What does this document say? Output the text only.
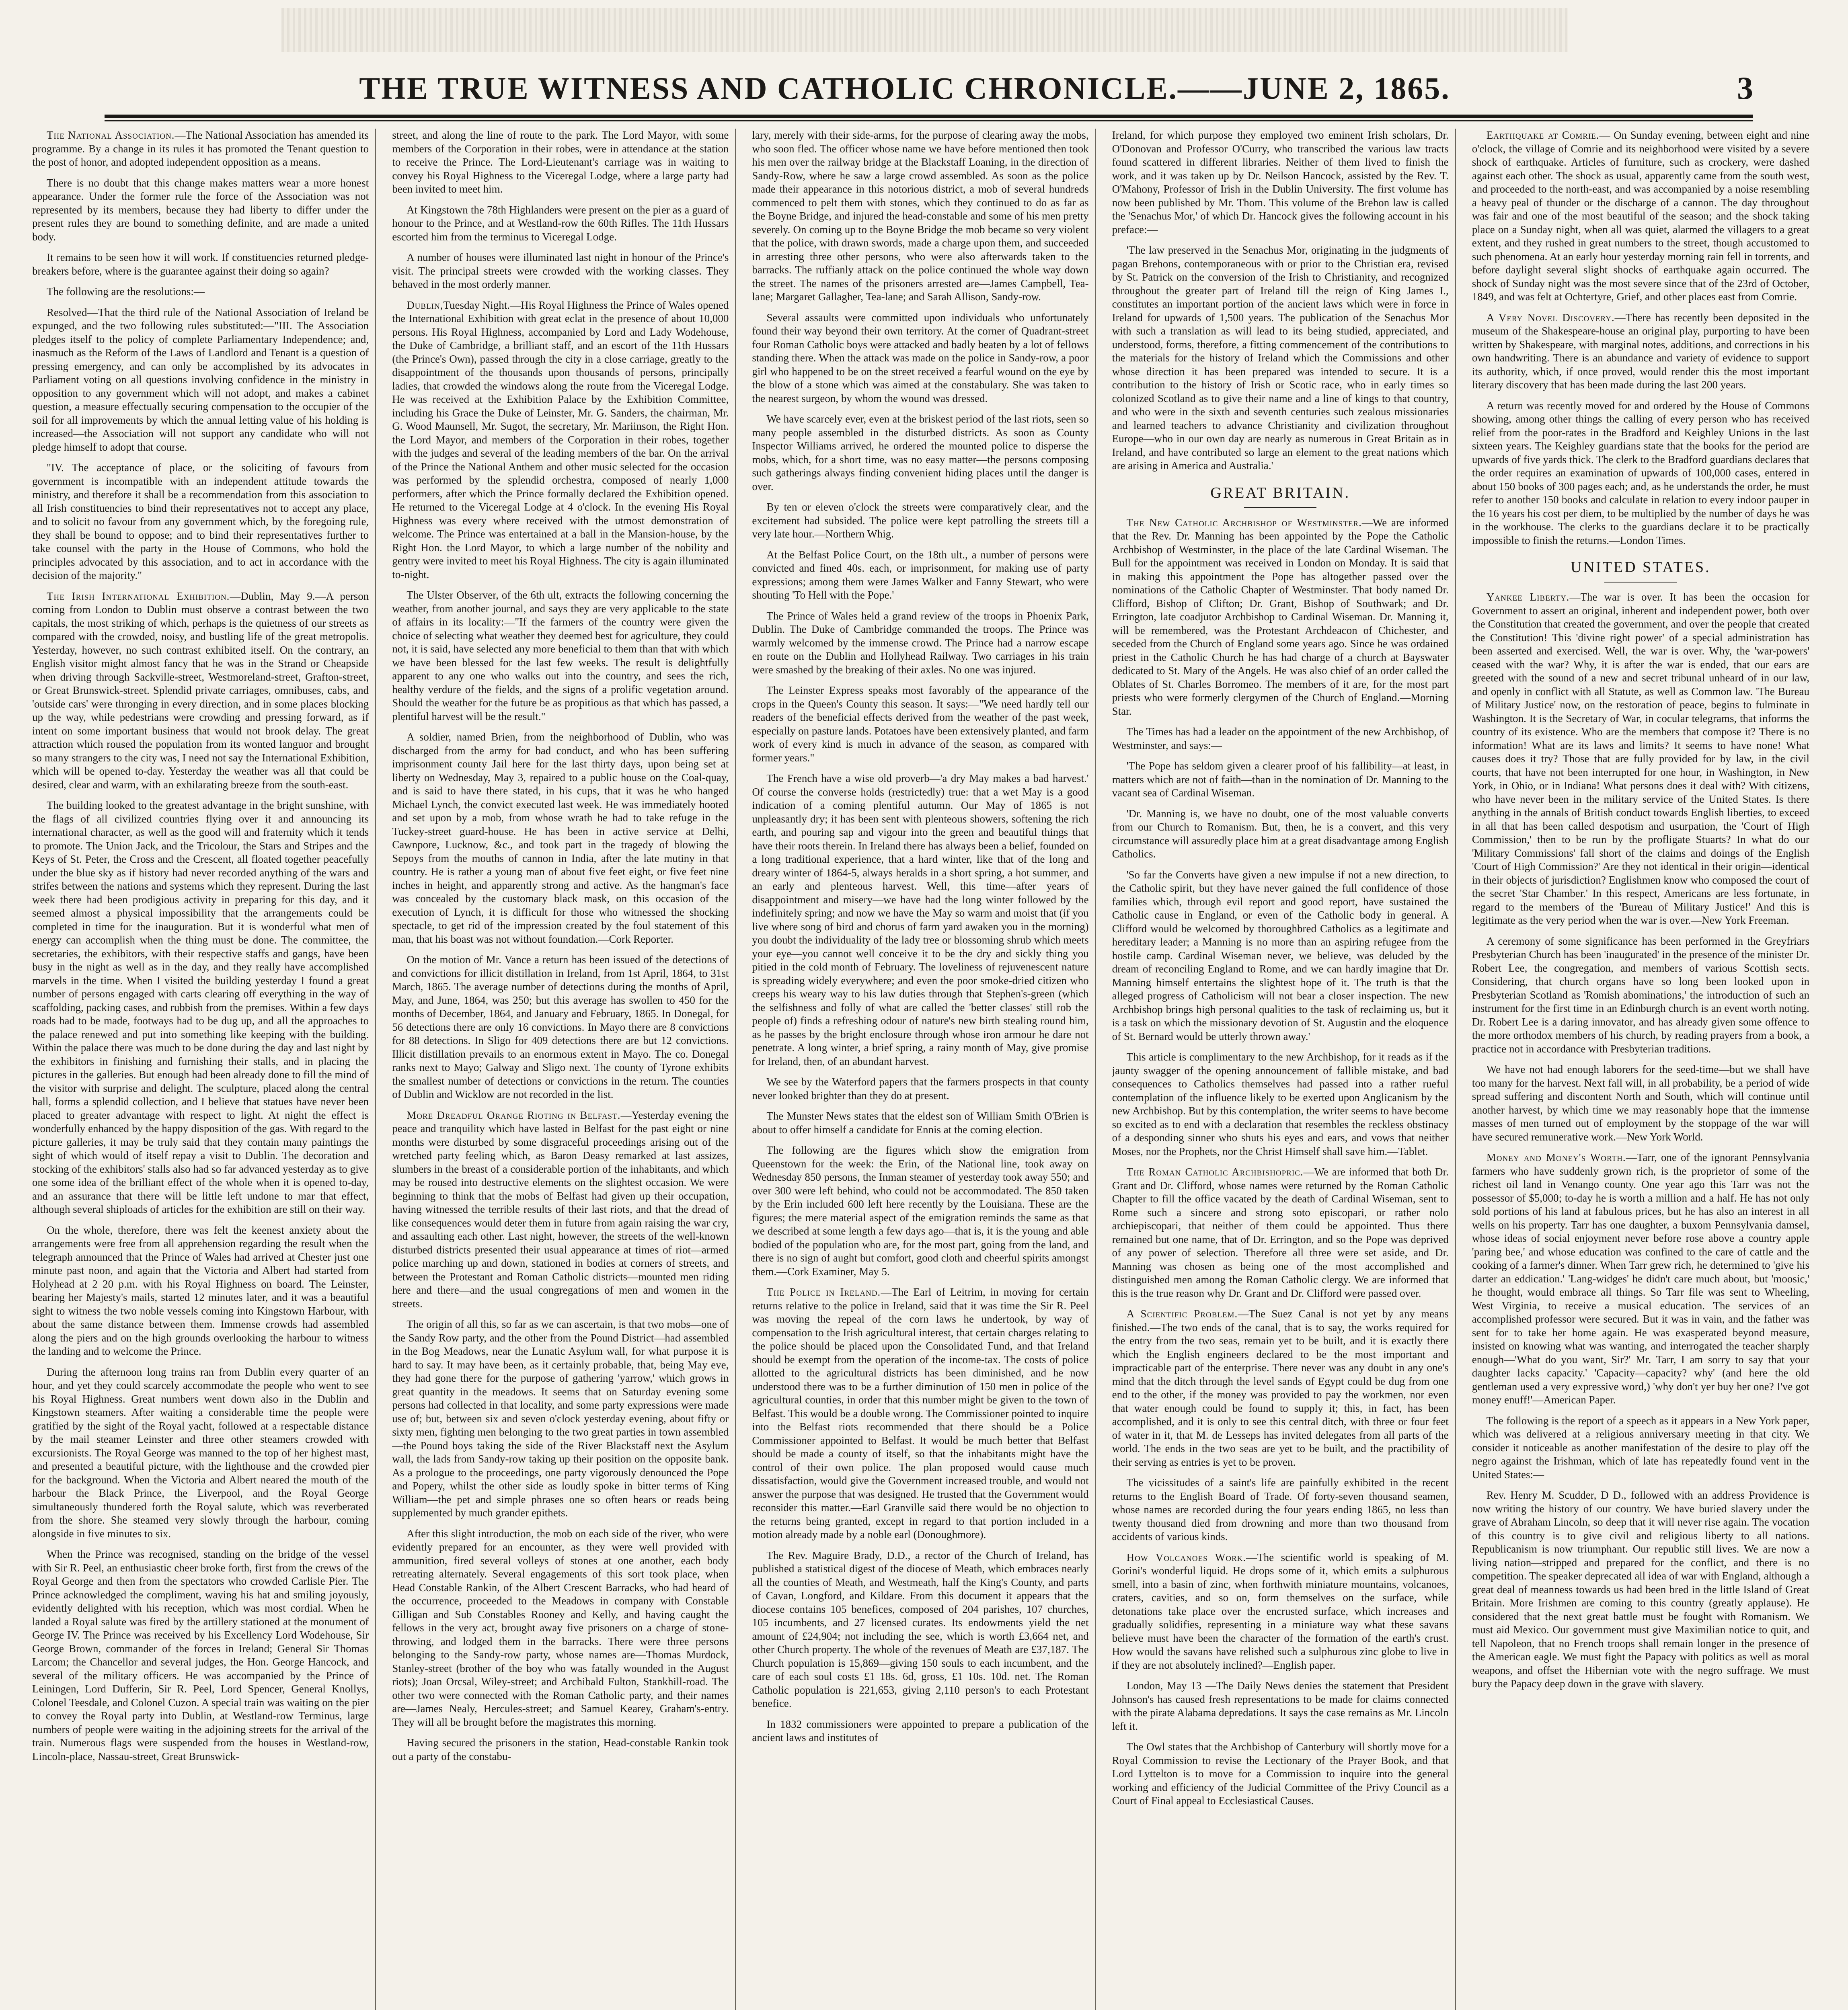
THE TRUE WITNESS AND CATHOLIC CHRONICLE.——JUNE 2, 1865.	3

The National Association.—The National Association has amended its programme. By a change in its rules it has promoted the Tenant question to the post of honor, and adopted independent opposition as a means.

There is no doubt that this change makes matters wear a more honest appearance. Under the former rule the force of the Association was not represented by its members, because they had liberty to differ under the present rules they are bound to something definite, and are made a united body.

It remains to be seen how it will work. If constituencies returned pledge-breakers before, where is the guarantee against their doing so again?

The following are the resolutions:—

Resolved—That the third rule of the National Association of Ireland be expunged, and the two following rules substituted:—"III. The Association pledges itself to the policy of complete Parliamentary Independence; and, inasmuch as the Reform of the Laws of Landlord and Tenant is a question of pressing emergency, and can only be accomplished by its advocates in Parliament voting on all questions involving confidence in the ministry in opposition to any government which will not adopt, and makes a cabinet question, a measure effectually securing compensation to the occupier of the soil for all improvements by which the annual letting value of his holding is increased—the Association will not support any candidate who will not pledge himself to adopt that course.

"IV. The acceptance of place, or the soliciting of favours from government is incompatible with an independent attitude towards the ministry, and therefore it shall be a recommendation from this association to all Irish constituencies to bind their representatives not to accept any place, and to solicit no favour from any government which, by the foregoing rule, they shall be bound to oppose; and to bind their representatives further to take counsel with the party in the House of Commons, who hold the principles advocated by this association, and to act in accordance with the decision of the majority."

The Irish International Exhibition.—Dublin, May 9.—A person coming from London to Dublin must observe a contrast between the two capitals, the most striking of which, perhaps is the quietness of our streets as compared with the crowded, noisy, and bustling life of the great metropolis. Yesterday, however, no such contrast exhibited itself. On the contrary, an English visitor might almost fancy that he was in the Strand or Cheapside when driving through Sackville-street, Westmoreland-street, Grafton-street, or Great Brunswick-street. Splendid private carriages, omnibuses, cabs, and 'outside cars' were thronging in every direction, and in some places blocking up the way, while pedestrians were crowding and pressing forward, as if intent on some important business that would not brook delay. The great attraction which roused the population from its wonted languor and brought so many strangers to the city was, I need not say the International Exhibition, which will be opened to-day. Yesterday the weather was all that could be desired, clear and warm, with an exhilarating breeze from the south-east.

The building looked to the greatest advantage in the bright sunshine, with the flags of all civilized countries flying over it and announcing its international character, as well as the good will and fraternity which it tends to promote. The Union Jack, and the Tricolour, the Stars and Stripes and the Keys of St. Peter, the Cross and the Crescent, all floated together peacefully under the blue sky as if history had never recorded anything of the wars and strifes between the nations and systems which they represent. During the last week there had been prodigious activity in preparing for this day, and it seemed almost a physical impossibility that the arrangements could be completed in time for the inauguration. But it is wonderful what men of energy can accomplish when the thing must be done. The committee, the secretaries, the exhibitors, with their respective staffs and gangs, have been busy in the night as well as in the day, and they really have accomplished marvels in the time. When I visited the building yesterday I found a great number of persons engaged with carts clearing off everything in the way of scaffolding, packing cases, and rubbish from the premises. Within a few days roads had to be made, footways had to be dug up, and all the approaches to the palace renewed and put into something like keeping with the building. Within the palace there was much to be done during the day and last night by the exhibitors in finishing and furnishing their stalls, and in placing the pictures in the galleries. But enough had been already done to fill the mind of the visitor with surprise and delight. The sculpture, placed along the central hall, forms a splendid collection, and I believe that statues have never been placed to greater advantage with respect to light. At night the effect is wonderfully enhanced by the happy disposition of the gas. With regard to the picture galleries, it may be truly said that they contain many paintings the sight of which would of itself repay a visit to Dublin. The decoration and stocking of the exhibitors' stalls also had so far advanced yesterday as to give one some idea of the brilliant effect of the whole when it is opened to-day, and an assurance that there will be little left undone to mar that effect, although several shiploads of articles for the exhibition are still on their way.

On the whole, therefore, there was felt the keenest anxiety about the arrangements were free from all apprehension regarding the result when the telegraph announced that the Prince of Wales had arrived at Chester just one minute past noon, and again that the Victoria and Albert had started from Holyhead at 2 20 p.m. with his Royal Highness on board. The Leinster, bearing her Majesty's mails, started 12 minutes later, and it was a beautiful sight to witness the two noble vessels coming into Kingstown Harbour, with about the same distance between them. Immense crowds had assembled along the piers and on the high grounds overlooking the harbour to witness the landing and to welcome the Prince.

During the afternoon long trains ran from Dublin every quarter of an hour, and yet they could scarcely accommodate the people who went to see his Royal Highness. Great numbers went down also in the Dublin and Kingstown steamers. After waiting a considerable time the people were gratified by the sight of the Royal yacht, followed at a respectable distance by the mail steamer Leinster and three other steamers crowded with excursionists. The Royal George was manned to the top of her highest mast, and presented a beautiful picture, with the lighthouse and the crowded pier for the background. When the Victoria and Albert neared the mouth of the harbour the Black Prince, the Liverpool, and the Royal George simultaneously thundered forth the Royal salute, which was reverberated from the shore. She steamed very slowly through the harbour, coming alongside in five minutes to six.

When the Prince was recognised, standing on the bridge of the vessel with Sir R. Peel, an enthusiastic cheer broke forth, first from the crews of the Royal George and then from the spectators who crowded Carlisle Pier. The Prince acknowledged the compliment, waving his hat and smiling joyously, evidently delighted with his reception, which was most cordial. When he landed a Royal salute was fired by the artillery stationed at the monument of George IV. The Prince was received by his Excellency Lord Wodehouse, Sir George Brown, commander of the forces in Ireland; General Sir Thomas Larcom; the Chancellor and several judges, the Hon. George Hancock, and several of the military officers. He was accompanied by the Prince of Leiningen, Lord Dufferin, Sir R. Peel, Lord Spencer, General Knollys, Colonel Teesdale, and Colonel Cuzon. A special train was waiting on the pier to convey the Royal party into Dublin, at Westland-row Terminus, large numbers of people were waiting in the adjoining streets for the arrival of the train. Numerous flags were suspended from the houses in Westland-row, Lincoln-place, Nassau-street, Great Brunswick-

street, and along the line of route to the park. The Lord Mayor, with some members of the Corporation in their robes, were in attendance at the station to receive the Prince. The Lord-Lieutenant's carriage was in waiting to convey his Royal Highness to the Viceregal Lodge, where a large party had been invited to meet him.

At Kingstown the 78th Highlanders were present on the pier as a guard of honour to the Prince, and at Westland-row the 60th Rifles. The 11th Hussars escorted him from the terminus to Viceregal Lodge.

A number of houses were illuminated last night in honour of the Prince's visit. The principal streets were crowded with the working classes. They behaved in the most orderly manner.

Dublin,Tuesday Night.—His Royal Highness the Prince of Wales opened the International Exhibition with great eclat in the presence of about 10,000 persons. His Royal Highness, accompanied by Lord and Lady Wodehouse, the Duke of Cambridge, a brilliant staff, and an escort of the 11th Hussars (the Prince's Own), passed through the city in a close carriage, greatly to the disappointment of the thousands upon thousands of persons, principally ladies, that crowded the windows along the route from the Viceregal Lodge. He was received at the Exhibition Palace by the Exhibition Committee, including his Grace the Duke of Leinster, Mr. G. Sanders, the chairman, Mr. G. Wood Maunsell, Mr. Sugot, the secretary, Mr. Mariinson, the Right Hon. the Lord Mayor, and members of the Corporation in their robes, together with the judges and several of the leading members of the bar. On the arrival of the Prince the National Anthem and other music selected for the occasion was performed by the splendid orchestra, composed of nearly 1,000 performers, after which the Prince formally declared the Exhibition opened. He returned to the Viceregal Lodge at 4 o'clock. In the evening His Royal Highness was every where received with the utmost demonstration of welcome. The Prince was entertained at a ball in the Mansion-house, by the Right Hon. the Lord Mayor, to which a large number of the nobility and gentry were invited to meet his Royal Highness. The city is again illuminated to-night.

The Ulster Observer, of the 6th ult, extracts the following concerning the weather, from another journal, and says they are very applicable to the state of affairs in its locality:—"If the farmers of the country were given the choice of selecting what weather they deemed best for agriculture, they could not, it is said, have selected any more beneficial to them than that with which we have been blessed for the last few weeks. The result is delightfully apparent to any one who walks out into the country, and sees the rich, healthy verdure of the fields, and the signs of a prolific vegetation around. Should the weather for the future be as propitious as that which has passed, a plentiful harvest will be the result."

A soldier, named Brien, from the neighborhood of Dublin, who was discharged from the army for bad conduct, and who has been suffering imprisonment county Jail here for the last thirty days, upon being set at liberty on Wednesday, May 3, repaired to a public house on the Coal-quay, and is said to have there stated, in his cups, that it was he who hanged Michael Lynch, the convict executed last week. He was immediately hooted and set upon by a mob, from whose wrath he had to take refuge in the Tuckey-street guard-house. He has been in active service at Delhi, Cawnpore, Lucknow, &c., and took part in the tragedy of blowing the Sepoys from the mouths of cannon in India, after the late mutiny in that country. He is rather a young man of about five feet eight, or five feet nine inches in height, and apparently strong and active. As the hangman's face was concealed by the customary black mask, on this occasion of the execution of Lynch, it is difficult for those who witnessed the shocking spectacle, to get rid of the impression created by the foul statement of this man, that his boast was not without foundation.—Cork Reporter.

On the motion of Mr. Vance a return has been issued of the detections of and convictions for illicit distillation in Ireland, from 1st April, 1864, to 31st March, 1865. The average number of detections during the months of April, May, and June, 1864, was 250; but this average has swollen to 450 for the months of December, 1864, and January and February, 1865. In Donegal, for 56 detections there are only 16 convictions. In Mayo there are 8 convictions for 88 detections. In Sligo for 409 detections there are but 12 convictions. Illicit distillation prevails to an enormous extent in Mayo. The co. Donegal ranks next to Mayo; Galway and Sligo next. The county of Tyrone exhibits the smallest number of detections or convictions in the return. The counties of Dublin and Wicklow are not recorded in the list.

More Dreadful Orange Rioting in Belfast.—Yesterday evening the peace and tranquility which have lasted in Belfast for the past eight or nine months were disturbed by some disgraceful proceedings arising out of the wretched party feeling which, as Baron Deasy remarked at last assizes, slumbers in the breast of a considerable portion of the inhabitants, and which may be roused into destructive elements on the slightest occasion. We were beginning to think that the mobs of Belfast had given up their occupation, having witnessed the terrible results of their last riots, and that the dread of like consequences would deter them in future from again raising the war cry, and assaulting each other. Last night, however, the streets of the well-known disturbed districts presented their usual appearance at times of riot—armed police marching up and down, stationed in bodies at corners of streets, and between the Protestant and Roman Catholic districts—mounted men riding here and there—and the usual congregations of men and women in the streets.

The origin of all this, so far as we can ascertain, is that two mobs—one of the Sandy Row party, and the other from the Pound District—had assembled in the Bog Meadows, near the Lunatic Asylum wall, for what purpose it is hard to say. It may have been, as it certainly probable, that, being May eve, they had gone there for the purpose of gathering 'yarrow,' which grows in great quantity in the meadows. It seems that on Saturday evening some persons had collected in that locality, and some party expressions were made use of; but, between six and seven o'clock yesterday evening, about fifty or sixty men, fighting men belonging to the two great parties in town assembled—the Pound boys taking the side of the River Blackstaff next the Asylum wall, the lads from Sandy-row taking up their position on the opposite bank. As a prologue to the proceedings, one party vigorously denounced the Pope and Popery, whilst the other side as loudly spoke in bitter terms of King William—the pet and simple phrases one so often hears or reads being supplemented by much grander epithets.

After this slight introduction, the mob on each side of the river, who were evidently prepared for an encounter, as they were well provided with ammunition, fired several volleys of stones at one another, each body retreating alternately. Several engagements of this sort took place, when Head Constable Rankin, of the Albert Crescent Barracks, who had heard of the occurrence, proceeded to the Meadows in company with Constable Gilligan and Sub Constables Rooney and Kelly, and having caught the fellows in the very act, brought away five prisoners on a charge of stone-throwing, and lodged them in the barracks. There were three persons belonging to the Sandy-row party, whose names are—Thomas Murdock, Stanley-street (brother of the boy who was fatally wounded in the August riots); Joan Orcsal, Wiley-street; and Archibald Fulton, Stankhill-road. The other two were connected with the Roman Catholic party, and their names are—James Nealy, Hercules-street; and Samuel Kearey, Graham's-entry. They will all be brought before the magistrates this morning.

Having secured the prisoners in the station, Head-constable Rankin took out a party of the constabu-

lary, merely with their side-arms, for the purpose of clearing away the mobs, who soon fled. The officer whose name we have before mentioned then took his men over the railway bridge at the Blackstaff Loaning, in the direction of Sandy-Row, where he saw a large crowd assembled. As soon as the police made their appearance in this notorious district, a mob of several hundreds commenced to pelt them with stones, which they continued to do as far as the Boyne Bridge, and injured the head-constable and some of his men pretty severely. On coming up to the Boyne Bridge the mob became so very violent that the police, with drawn swords, made a charge upon them, and succeeded in arresting three other persons, who were also afterwards taken to the barracks. The ruffianly attack on the police continued the whole way down the street. The names of the prisoners arrested are—James Campbell, Tea-lane; Margaret Gallagher, Tea-lane; and Sarah Allison, Sandy-row.

Several assaults were committed upon individuals who unfortunately found their way beyond their own territory. At the corner of Quadrant-street four Roman Catholic boys were attacked and badly beaten by a lot of fellows standing there. When the attack was made on the police in Sandy-row, a poor girl who happened to be on the street received a fearful wound on the eye by the blow of a stone which was aimed at the constabulary. She was taken to the nearest surgeon, by whom the wound was dressed.

We have scarcely ever, even at the briskest period of the last riots, seen so many people assembled in the disturbed districts. As soon as County Inspector Williams arrived, he ordered the mounted police to disperse the mobs, which, for a short time, was no easy matter—the persons composing such gatherings always finding convenient hiding places until the danger is over.

By ten or eleven o'clock the streets were comparatively clear, and the excitement had subsided. The police were kept patrolling the streets till a very late hour.—Northern Whig.

At the Belfast Police Court, on the 18th ult., a number of persons were convicted and fined 40s. each, or imprisonment, for making use of party expressions; among them were James Walker and Fanny Stewart, who were shouting 'To Hell with the Pope.'

The Prince of Wales held a grand review of the troops in Phoenix Park, Dublin. The Duke of Cambridge commanded the troops. The Prince was warmly welcomed by the immense crowd. The Prince had a narrow escape en route on the Dublin and Hollyhead Railway. Two carriages in his train were smashed by the breaking of their axles. No one was injured.

The Leinster Express speaks most favorably of the appearance of the crops in the Queen's County this season. It says:—"We need hardly tell our readers of the beneficial effects derived from the weather of the past week, especially on pasture lands. Potatoes have been extensively planted, and farm work of every kind is much in advance of the season, as compared with former years."

The French have a wise old proverb—'a dry May makes a bad harvest.' Of course the converse holds (restrictedly) true: that a wet May is a good indication of a coming plentiful autumn. Our May of 1865 is not unpleasantly dry; it has been sent with plenteous showers, softening the rich earth, and pouring sap and vigour into the green and beautiful things that have their roots therein. In Ireland there has always been a belief, founded on a long traditional experience, that a hard winter, like that of the long and dreary winter of 1864-5, always heralds in a short spring, a hot summer, and an early and plenteous harvest. Well, this time—after years of disappointment and misery—we have had the long winter followed by the indefinitely spring; and now we have the May so warm and moist that (if you live where song of bird and chorus of farm yard awaken you in the morning) you doubt the individuality of the lady tree or blossoming shrub which meets your eye—you cannot well conceive it to be the dry and sickly thing you pitied in the cold month of February. The loveliness of rejuvenescent nature is spreading widely everywhere; and even the poor smoke-dried citizen who creeps his weary way to his law duties through that Stephen's-green (which the selfishness and folly of what are called the 'better classes' still rob the people of) finds a refreshing odour of nature's new birth stealing round him, as he passes by the bright enclosure through whose iron armour he dare not penetrate. A long winter, a brief spring, a rainy month of May, give promise for Ireland, then, of an abundant harvest.

We see by the Waterford papers that the farmers prospects in that county never looked brighter than they do at present.

The Munster News states that the eldest son of William Smith O'Brien is about to offer himself a candidate for Ennis at the coming election.

The following are the figures which show the emigration from Queenstown for the week: the Erin, of the National line, took away on Wednesday 850 persons, the Inman steamer of yesterday took away 550; and over 300 were left behind, who could not be accommodated. The 850 taken by the Erin included 600 left here recently by the Louisiana. These are the figures; the mere material aspect of the emigration reminds the same as that we described at some length a few days ago—that is, it is the young and able bodied of the population who are, for the most part, going from the land, and there is no sign of aught but comfort, good cloth and cheerful spirits amongst them.—Cork Examiner, May 5.

The Police in Ireland.—The Earl of Leitrim, in moving for certain returns relative to the police in Ireland, said that it was time the Sir R. Peel was moving the repeal of the corn laws he undertook, by way of compensation to the Irish agricultural interest, that certain charges relating to the police should be placed upon the Consolidated Fund, and that Ireland should be exempt from the operation of the income-tax. The costs of police allotted to the agricultural districts has been diminished, and he now understood there was to be a further diminution of 150 men in police of the agricultural counties, in order that this number might be given to the town of Belfast. This would be a double wrong. The Commissioner pointed to inquire into the Belfast riots recommended that there should be a Police Commissioner appointed to Belfast. It would be much better that Belfast should be made a county of itself, so that the inhabitants might have the control of their own police. The plan proposed would cause much dissatisfaction, would give the Government increased trouble, and would not answer the purpose that was designed. He trusted that the Government would reconsider this matter.—Earl Granville said there would be no objection to the returns being granted, except in regard to that portion included in a motion already made by a noble earl (Donoughmore).

The Rev. Maguire Brady, D.D., a rector of the Church of Ireland, has published a statistical digest of the diocese of Meath, which embraces nearly all the counties of Meath, and Westmeath, half the King's County, and parts of Cavan, Longford, and Kildare. From this document it appears that the diocese contains 105 benefices, composed of 204 parishes, 107 churches, 105 incumbents, and 27 licensed curates. Its endowments yield the net amount of £24,904; not including the see, which is worth £3,664 net, and other Church property. The whole of the revenues of Meath are £37,187. The Church population is 15,869—giving 150 souls to each incumbent, and the care of each soul costs £1 18s. 6d, gross, £1 10s. 10d. net. The Roman Catholic population is 221,653, giving 2,110 person's to each Protestant benefice.

In 1832 commissioners were appointed to prepare a publication of the ancient laws and institutes of

Ireland, for which purpose they employed two eminent Irish scholars, Dr. O'Donovan and Professor O'Curry, who transcribed the various law tracts found scattered in different libraries. Neither of them lived to finish the work, and it was taken up by Dr. Neilson Hancock, assisted by the Rev. T. O'Mahony, Professor of Irish in the Dublin University. The first volume has now been published by Mr. Thom. This volume of the Brehon law is called the 'Senachus Mor,' of which Dr. Hancock gives the following account in his preface:—

'The law preserved in the Senachus Mor, originating in the judgments of pagan Brehons, contemporaneous with or prior to the Christian era, revised by St. Patrick on the conversion of the Irish to Christianity, and recognized throughout the greater part of Ireland till the reign of King James I., constitutes an important portion of the ancient laws which were in force in Ireland for upwards of 1,500 years. The publication of the Senachus Mor with such a translation as will lead to its being studied, appreciated, and understood, forms, therefore, a fitting commencement of the contributions to the materials for the history of Ireland which the Commissions and other whose direction it has been prepared was intended to secure. It is a contribution to the history of Irish or Scotic race, who in early times so colonized Scotland as to give their name and a line of kings to that country, and who were in the sixth and seventh centuries such zealous missionaries and learned teachers to advance Christianity and civilization throughout Europe—who in our own day are nearly as numerous in Great Britain as in Ireland, and have contributed so large an element to the great nations which are arising in America and Australia.'

GREAT BRITAIN.

The New Catholic Archbishop of Westminster.—We are informed that the Rev. Dr. Manning has been appointed by the Pope the Catholic Archbishop of Westminster, in the place of the late Cardinal Wiseman. The Bull for the appointment was received in London on Monday. It is said that in making this appointment the Pope has altogether passed over the nominations of the Catholic Chapter of Westminster. That body named Dr. Clifford, Bishop of Clifton; Dr. Grant, Bishop of Southwark; and Dr. Errington, late coadjutor Archbishop to Cardinal Wiseman. Dr. Manning it, will be remembered, was the Protestant Archdeacon of Chichester, and seceded from the Church of England some years ago. Since he was ordained priest in the Catholic Church he has had charge of a church at Bayswater dedicated to St. Mary of the Angels. He was also chief of an order called the Oblates of St. Charles Borromeo. The members of it are, for the most part priests who were formerly clergymen of the Church of England.—Morning Star.

The Times has had a leader on the appointment of the new Archbishop, of Westminster, and says:—

'The Pope has seldom given a clearer proof of his fallibility—at least, in matters which are not of faith—than in the nomination of Dr. Manning to the vacant sea of Cardinal Wiseman.

'Dr. Manning is, we have no doubt, one of the most valuable converts from our Church to Romanism. But, then, he is a convert, and this very circumstance will assuredly place him at a great disadvantage among English Catholics.

'So far the Converts have given a new impulse if not a new direction, to the Catholic spirit, but they have never gained the full confidence of those families which, through evil report and good report, have sustained the Catholic cause in England, or even of the Catholic body in general. A Clifford would be welcomed by thoroughbred Catholics as a legitimate and hereditary leader; a Manning is no more than an aspiring refugee from the hostile camp. Cardinal Wiseman never, we believe, was deluded by the dream of reconciling England to Rome, and we can hardly imagine that Dr. Manning himself entertains the slightest hope of it. The truth is that the alleged progress of Catholicism will not bear a closer inspection. The new Archbishop brings high personal qualities to the task of reclaiming us, but it is a task on which the missionary devotion of St. Augustin and the eloquence of St. Bernard would be utterly thrown away.'

This article is complimentary to the new Archbishop, for it reads as if the jaunty swagger of the opening announcement of fallible mistake, and bad consequences to Catholics themselves had passed into a rather rueful contemplation of the influence likely to be exerted upon Anglicanism by the new Archbishop. But by this contemplation, the writer seems to have become so excited as to end with a declaration that resembles the reckless obstinacy of a desponding sinner who shuts his eyes and ears, and vows that neither Moses, nor the Prophets, nor the Christ Himself shall save him.—Tablet.

The Roman Catholic Archbishopric.—We are informed that both Dr. Grant and Dr. Clifford, whose names were returned by the Roman Catholic Chapter to fill the office vacated by the death of Cardinal Wiseman, sent to Rome such a sincere and strong soto episcopari, or rather nolo archiepiscopari, that neither of them could be appointed. Thus there remained but one name, that of Dr. Errington, and so the Pope was deprived of any power of selection. Therefore all three were set aside, and Dr. Manning was chosen as being one of the most accomplished and distinguished men among the Roman Catholic clergy. We are informed that this is the true reason why Dr. Grant and Dr. Clifford were passed over.

A Scientific Problem.—The Suez Canal is not yet by any means finished.—The two ends of the canal, that is to say, the works required for the entry from the two seas, remain yet to be built, and it is exactly there which the English engineers declared to be the most important and impracticable part of the enterprise. There never was any doubt in any one's mind that the ditch through the level sands of Egypt could be dug from one end to the other, if the money was provided to pay the workmen, nor even that water enough could be found to supply it; this, in fact, has been accomplished, and it is only to see this central ditch, with three or four feet of water in it, that M. de Lesseps has invited delegates from all parts of the world. The ends in the two seas are yet to be built, and the practibility of their serving as entries is yet to be proven.

The vicissitudes of a saint's life are painfully exhibited in the recent returns to the English Board of Trade. Of forty-seven thousand seamen, whose names are recorded during the four years ending 1865, no less than twenty thousand died from drowning and more than two thousand from accidents of various kinds.

How Volcanoes Work.—The scientific world is speaking of M. Gorini's wonderful liquid. He drops some of it, which emits a sulphurous smell, into a basin of zinc, when forthwith miniature mountains, volcanoes, craters, cavities, and so on, form themselves on the surface, while detonations take place over the encrusted surface, which increases and gradually solidifies, representing in a miniature way what these savans believe must have been the character of the formation of the earth's crust. How would the savans have relished such a sulphurous zinc globe to live in if they are not absolutely inclined?—English paper.

London, May 13 —The Daily News denies the statement that President Johnson's has caused fresh representations to be made for claims connected with the pirate Alabama depredations. It says the case remains as Mr. Lincoln left it.

The Owl states that the Archbishop of Canterbury will shortly move for a Royal Commission to revise the Lectionary of the Prayer Book, and that Lord Lyttelton is to move for a Commission to inquire into the general working and efficiency of the Judicial Committee of the Privy Council as a Court of Final appeal to Ecclesiastical Causes.

Earthquake at Comrie.— On Sunday evening, between eight and nine o'clock, the village of Comrie and its neighborhood were visited by a severe shock of earthquake. Articles of furniture, such as crockery, were dashed against each other. The shock as usual, apparently came from the south west, and proceeded to the north-east, and was accompanied by a noise resembling a heavy peal of thunder or the discharge of a cannon. The day throughout was fair and one of the most beautiful of the season; and the shock taking place on a Sunday night, when all was quiet, alarmed the villagers to a great extent, and they rushed in great numbers to the street, though accustomed to such phenomena. At an early hour yesterday morning rain fell in torrents, and before daylight several slight shocks of earthquake again occurred. The shock of Sunday night was the most severe since that of the 23rd of October, 1849, and was felt at Ochtertyre, Grief, and other places east from Comrie.

A Very Novel Discovery.—There has recently been deposited in the museum of the Shakespeare-house an original play, purporting to have been written by Shakespeare, with marginal notes, additions, and corrections in his own handwriting. There is an abundance and variety of evidence to support its authority, which, if once proved, would render this the most important literary discovery that has been made during the last 200 years.

A return was recently moved for and ordered by the House of Commons showing, among other things the calling of every person who has received relief from the poor-rates in the Bradford and Keighley Unions in the last sixteen years. The Keighley guardians state that the books for the period are upwards of five yards thick. The clerk to the Bradford guardians declares that the order requires an examination of upwards of 100,000 cases, entered in about 150 books of 300 pages each; and, as he understands the order, he must refer to another 150 books and calculate in relation to every indoor pauper in the 16 years his cost per diem, to be multiplied by the number of days he was in the workhouse. The clerks to the guardians declare it to be practically impossible to finish the returns.—London Times.

UNITED STATES.

Yankee Liberty.—The war is over. It has been the occasion for Government to assert an original, inherent and independent power, both over the Constitution that created the government, and over the people that created the Constitution! This 'divine right power' of a special administration has been asserted and exercised. Well, the war is over. Why, the 'war-powers' ceased with the war? Why, it is after the war is ended, that our ears are greeted with the sound of a new and secret tribunal unheard of in our law, and openly in conflict with all Statute, as well as Common law. 'The Bureau of Military Justice' now, on the restoration of peace, begins to fulminate in Washington. It is the Secretary of War, in cocular telegrams, that informs the country of its existence. Who are the members that compose it? There is no information! What are its laws and limits? It seems to have none! What causes does it try? Those that are fully provided for by law, in the civil courts, that have not been interrupted for one hour, in Washington, in New York, in Ohio, or in Indiana! What persons does it deal with? With citizens, who have never been in the military service of the United States. Is there anything in the annals of British conduct towards English liberties, to exceed in all that has been called despotism and usurpation, the 'Court of High Commission,' then to be run by the profligate Stuarts? In what do our 'Military Commissions' fall short of the claims and doings of the English 'Court of High Commission?' Are they not identical in their origin—identical in their objects of jurisdiction? Englishmen know who composed the court of the secret 'Star Chamber.' In this respect, Americans are less fortunate, in regard to the members of the 'Bureau of Military Justice!' And this is legitimate as the very period when the war is over.—New York Freeman.

A ceremony of some significance has been performed in the Greyfriars Presbyterian Church has been 'inaugurated' in the presence of the minister Dr. Robert Lee, the congregation, and members of various Scottish sects. Considering, that church organs have so long been looked upon in Presbyterian Scotland as 'Romish abominations,' the introduction of such an instrument for the first time in an Edinburgh church is an event worth noting. Dr. Robert Lee is a daring innovator, and has already given some offence to the more orthodox members of his church, by reading prayers from a book, a practice not in accordance with Presbyterian traditions.

We have not had enough laborers for the seed-time—but we shall have too many for the harvest. Next fall will, in all probability, be a period of wide spread suffering and discontent North and South, which will continue until another harvest, by which time we may reasonably hope that the immense masses of men turned out of employment by the stoppage of the war will have secured remunerative work.—New York World.

Money and Money's Worth.—Tarr, one of the ignorant Pennsylvania farmers who have suddenly grown rich, is the proprietor of some of the richest oil land in Venango county. One year ago this Tarr was not the possessor of $5,000; to-day he is worth a million and a half. He has not only sold portions of his land at fabulous prices, but he has also an interest in all wells on his property. Tarr has one daughter, a buxom Pennsylvania damsel, whose ideas of social enjoyment never before rose above a country apple 'paring bee,' and whose education was confined to the care of cattle and the cooking of a farmer's dinner. When Tarr grew rich, he determined to 'give his darter an eddication.' 'Lang-widges' he didn't care much about, but 'moosic,' he thought, would embrace all things. So Tarr file was sent to Wheeling, West Virginia, to receive a musical education. The services of an accomplished professor were secured. But it was in vain, and the father was sent for to take her home again. He was exasperated beyond measure, insisted on knowing what was wanting, and interrogated the teacher sharply enough—'What do you want, Sir?' Mr. Tarr, I am sorry to say that your daughter lacks capacity.' 'Capacity—capacity? why' (and here the old gentleman used a very expressive word,) 'why don't yer buy her one? I've got money enuff!'—American Paper.

The following is the report of a speech as it appears in a New York paper, which was delivered at a religious anniversary meeting in that city. We consider it noticeable as another manifestation of the desire to play off the negro against the Irishman, which of late has repeatedly found vent in the United States:—

Rev. Henry M. Scudder, D D., followed with an address Providence is now writing the history of our country. We have buried slavery under the grave of Abraham Lincoln, so deep that it will never rise again. The vocation of this country is to give civil and religious liberty to all nations. Republicanism is now triumphant. Our republic still lives. We are now a living nation—stripped and prepared for the conflict, and there is no competition. The speaker deprecated all idea of war with England, although a great deal of meanness towards us had been bred in the little Island of Great Britain. More Irishmen are coming to this country (greatly applause). He considered that the next great battle must be fought with Romanism. We must aid Mexico. Our government must give Maximilian notice to quit, and tell Napoleon, that no French troops shall remain longer in the presence of the American eagle. We must fight the Papacy with politics as well as moral weapons, and offset the Hibernian vote with the negro suffrage. We must bury the Papacy deep down in the grave with slavery.
